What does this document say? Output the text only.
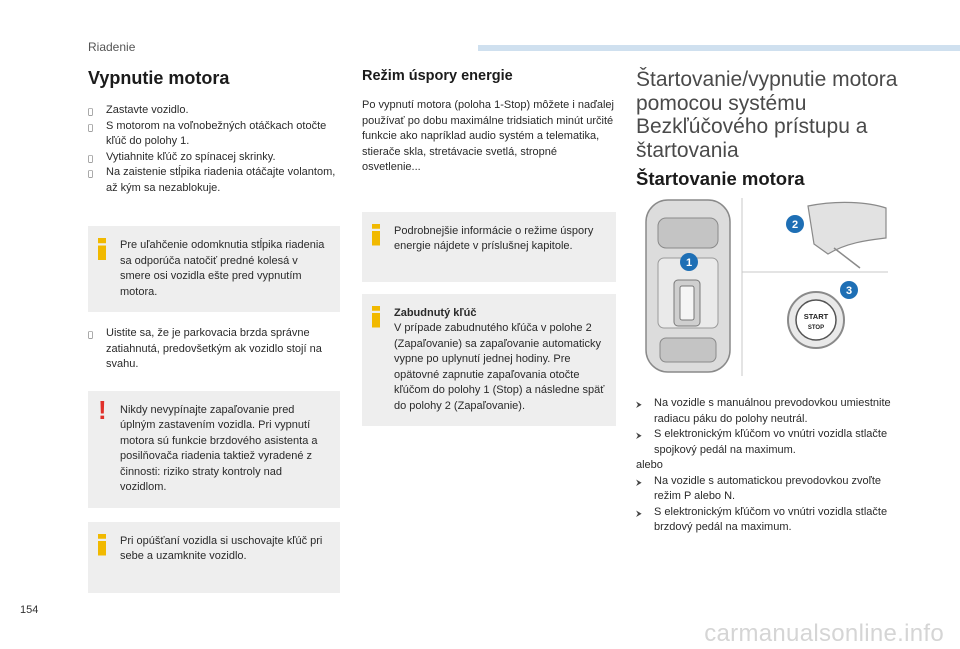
Riadenie
Vypnutie motora
Zastavte vozidlo.
S motorom na voľnobežných otáčkach otočte kľúč do polohy 1.
Vytiahnite kľúč zo spínacej skrinky.
Na zaistenie stĺpika riadenia otáčajte volantom, až kým sa nezablokuje.
Pre uľahčenie odomknutia stĺpika riadenia sa odporúča natočiť predné kolesá v smere osi vozidla ešte pred vypnutím motora.
Uistite sa, že je parkovacia brzda správne zatiahnutá, predovšetkým ak vozidlo stojí na svahu.
! Nikdy nevypínajte zapaľovanie pred úplným zastavením vozidla. Pri vypnutí motora sú funkcie brzdového asistenta a posilňovača riadenia taktiež vyradené z činnosti: riziko straty kontroly nad vozidlom.
Pri opúšťaní vozidla si uschovajte kľúč pri sebe a uzamknite vozidlo.
Režim úspory energie

Po vypnutí motora (poloha 1-Stop) môžete i naďalej používať po dobu maximálne tridsiatich minút určité funkcie ako napríklad audio systém a telematika, stierače skla, stretávacie svetlá, stropné osvetlenie...

Podrobnejšie informácie o režime úspory energie nájdete v príslušnej kapitole.
Zabudnutý kľúč
V prípade zabudnutého kľúča v polohe 2 (Zapaľovanie) sa zapaľovanie automaticky vypne po uplynutí jednej hodiny. Pre opätovné zapnutie zapaľovania otočte kľúčom do polohy 1 (Stop) a následne späť do polohy 2 (Zapaľovanie).
Štartovanie/vypnutie motora pomocou systému Bezkľúčového prístupu a štartovania
Štartovanie motora
START
STOP
1
2
3
⮞ Na vozidle s manuálnou prevodovkou umiestnite radiacu páku do polohy neutrál.
⮞ S elektronickým kľúčom vo vnútri vozidla stlačte spojkový pedál na maximum.
alebo
⮞ Na vozidle s automatickou prevodovkou zvoľte režim P alebo N.
⮞ S elektronickým kľúčom vo vnútri vozidla stlačte brzdový pedál na maximum.
154
carmanualsonline.info
